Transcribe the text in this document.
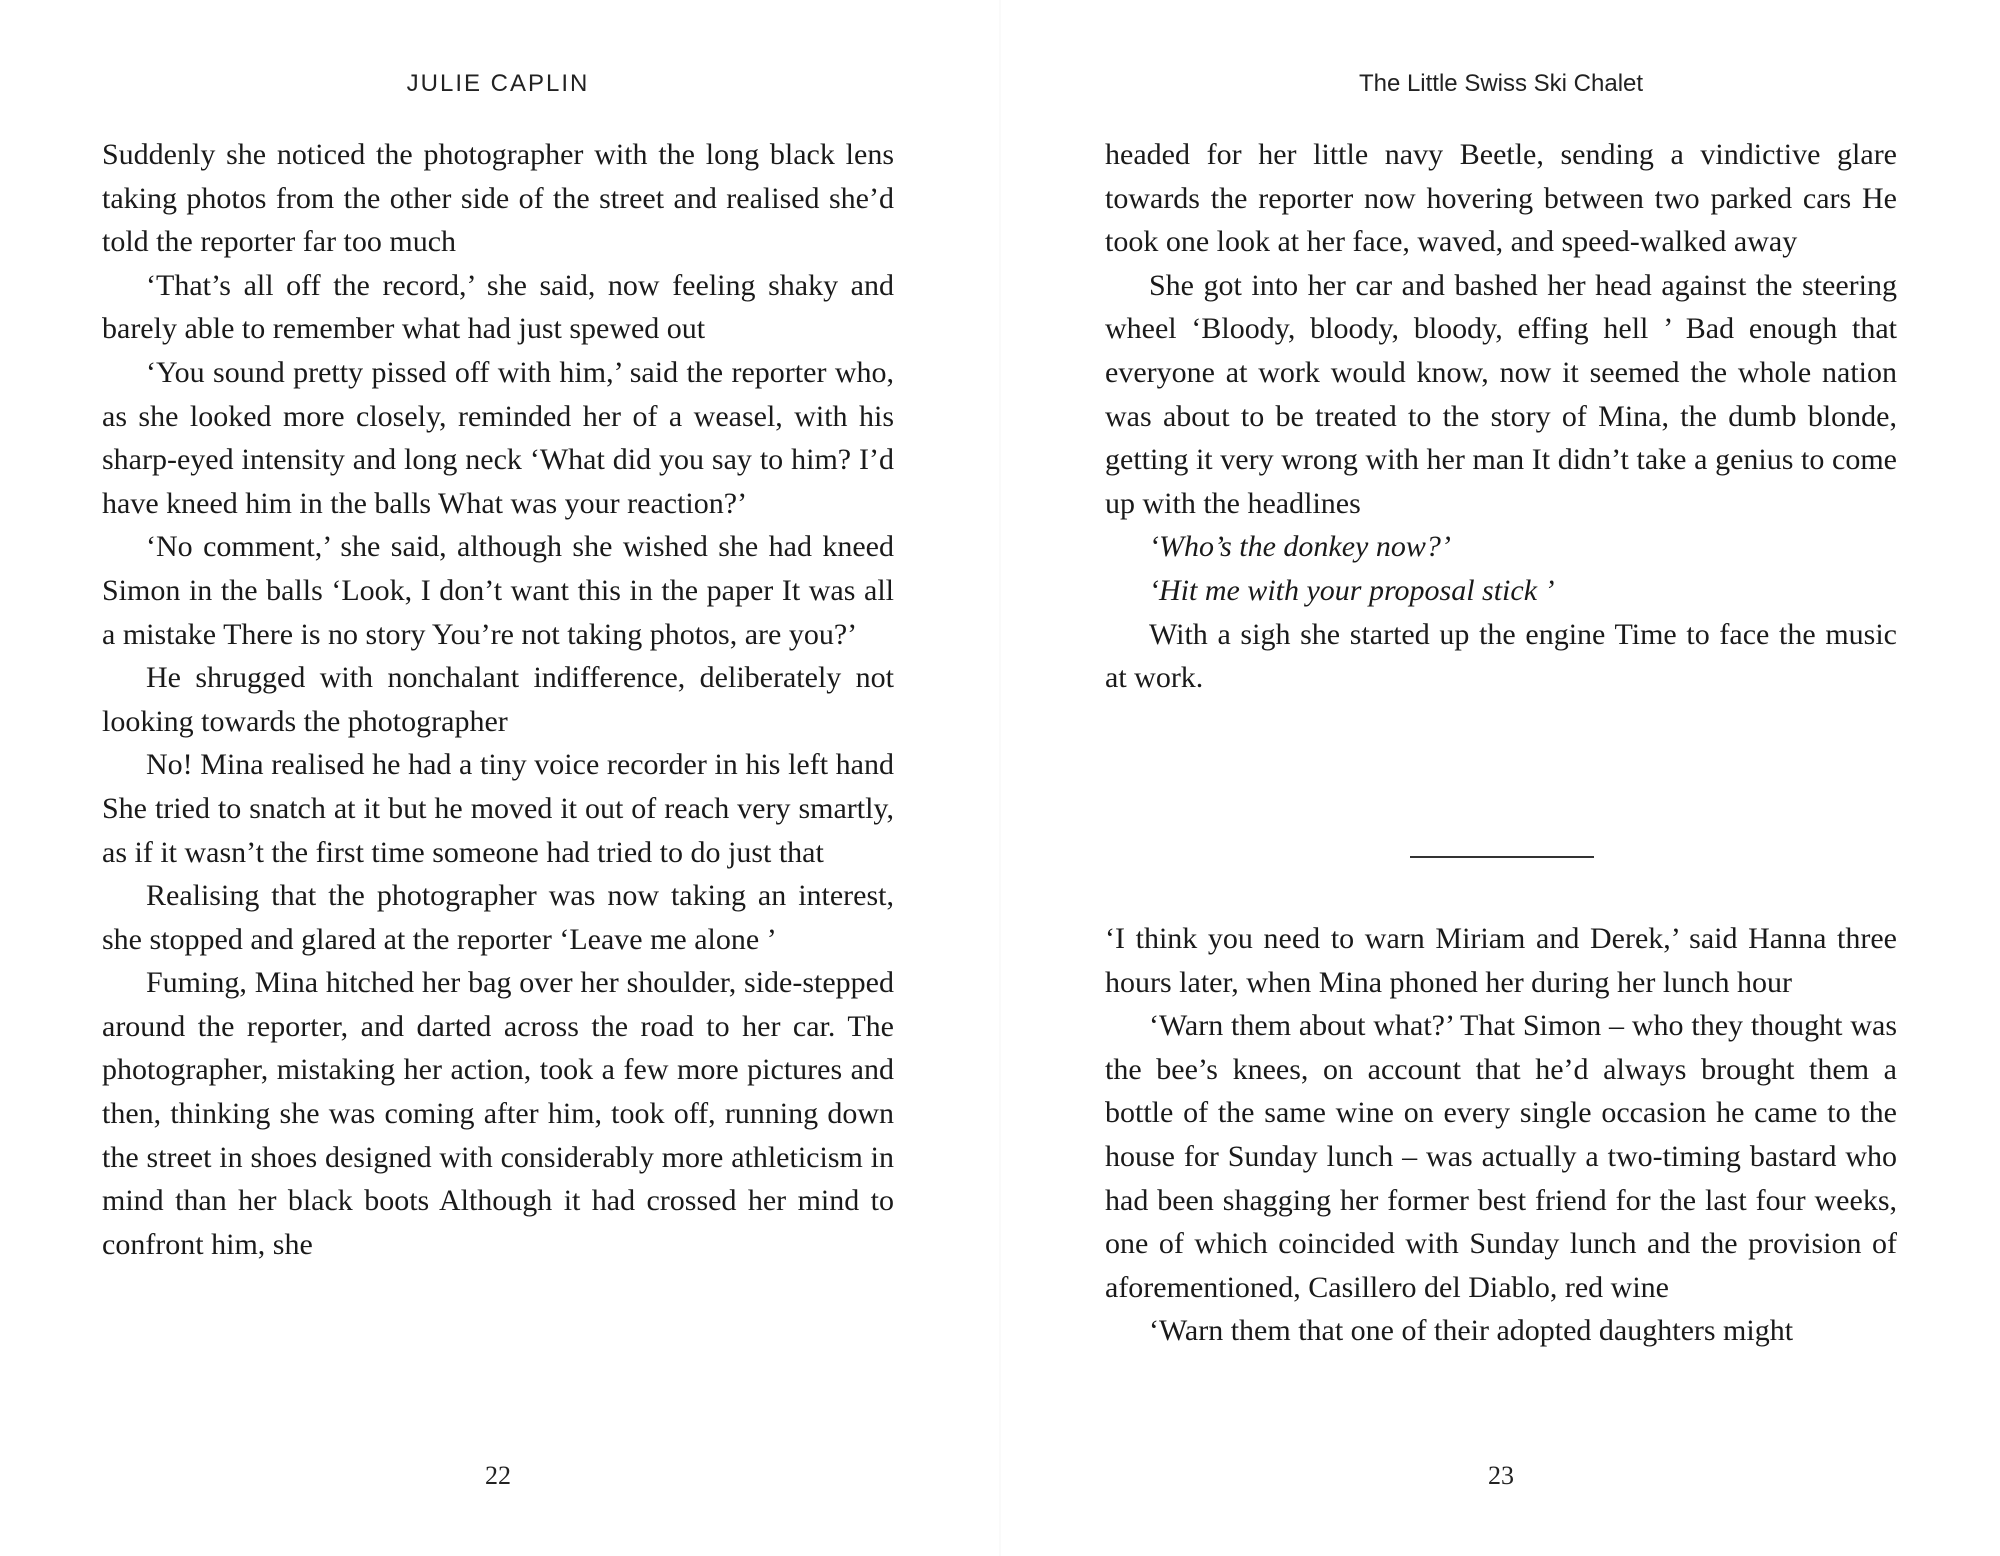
JULIE CAPLIN

Suddenly she noticed the photographer with the long black lens taking photos from the other side of the street and realised she’d told the reporter far too much

‘That’s all off the record,’ she said, now feeling shaky and barely able to remember what had just spewed out

‘You sound pretty pissed off with him,’ said the reporter who, as she looked more closely, reminded her of a weasel, with his sharp-eyed intensity and long neck ‘What did you say to him? I’d have kneed him in the balls What was your reaction?’

‘No comment,’ she said, although she wished she had kneed Simon in the balls ‘Look, I don’t want this in the paper It was all a mistake There is no story You’re not taking photos, are you?’

He shrugged with nonchalant indifference, deliberately not looking towards the photographer

No! Mina realised he had a tiny voice recorder in his left hand She tried to snatch at it but he moved it out of reach very smartly, as if it wasn’t the first time someone had tried to do just that

Realising that the photographer was now taking an interest, she stopped and glared at the reporter ‘Leave me alone ’

Fuming, Mina hitched her bag over her shoulder, side-stepped around the reporter, and darted across the road to her car. The photographer, mistaking her action, took a few more pictures and then, thinking she was coming after him, took off, running down the street in shoes designed with considerably more athleticism in mind than her black boots Although it had crossed her mind to confront him, she

22
The Little Swiss Ski Chalet

headed for her little navy Beetle, sending a vindictive glare towards the reporter now hovering between two parked cars He took one look at her face, waved, and speed-walked away

She got into her car and bashed her head against the steering wheel ‘Bloody, bloody, bloody, effing hell ’ Bad enough that everyone at work would know, now it seemed the whole nation was about to be treated to the story of Mina, the dumb blonde, getting it very wrong with her man It didn’t take a genius to come up with the headlines

‘Who’s the donkey now?’

‘Hit me with your proposal stick ’

With a sigh she started up the engine Time to face the music at work.

‘I think you need to warn Miriam and Derek,’ said Hanna three hours later, when Mina phoned her during her lunch hour

‘Warn them about what?’ That Simon – who they thought was the bee’s knees, on account that he’d always brought them a bottle of the same wine on every single occasion he came to the house for Sunday lunch – was actually a two-timing bastard who had been shagging her former best friend for the last four weeks, one of which coincided with Sunday lunch and the provision of aforementioned, Casillero del Diablo, red wine

‘Warn them that one of their adopted daughters might

23
